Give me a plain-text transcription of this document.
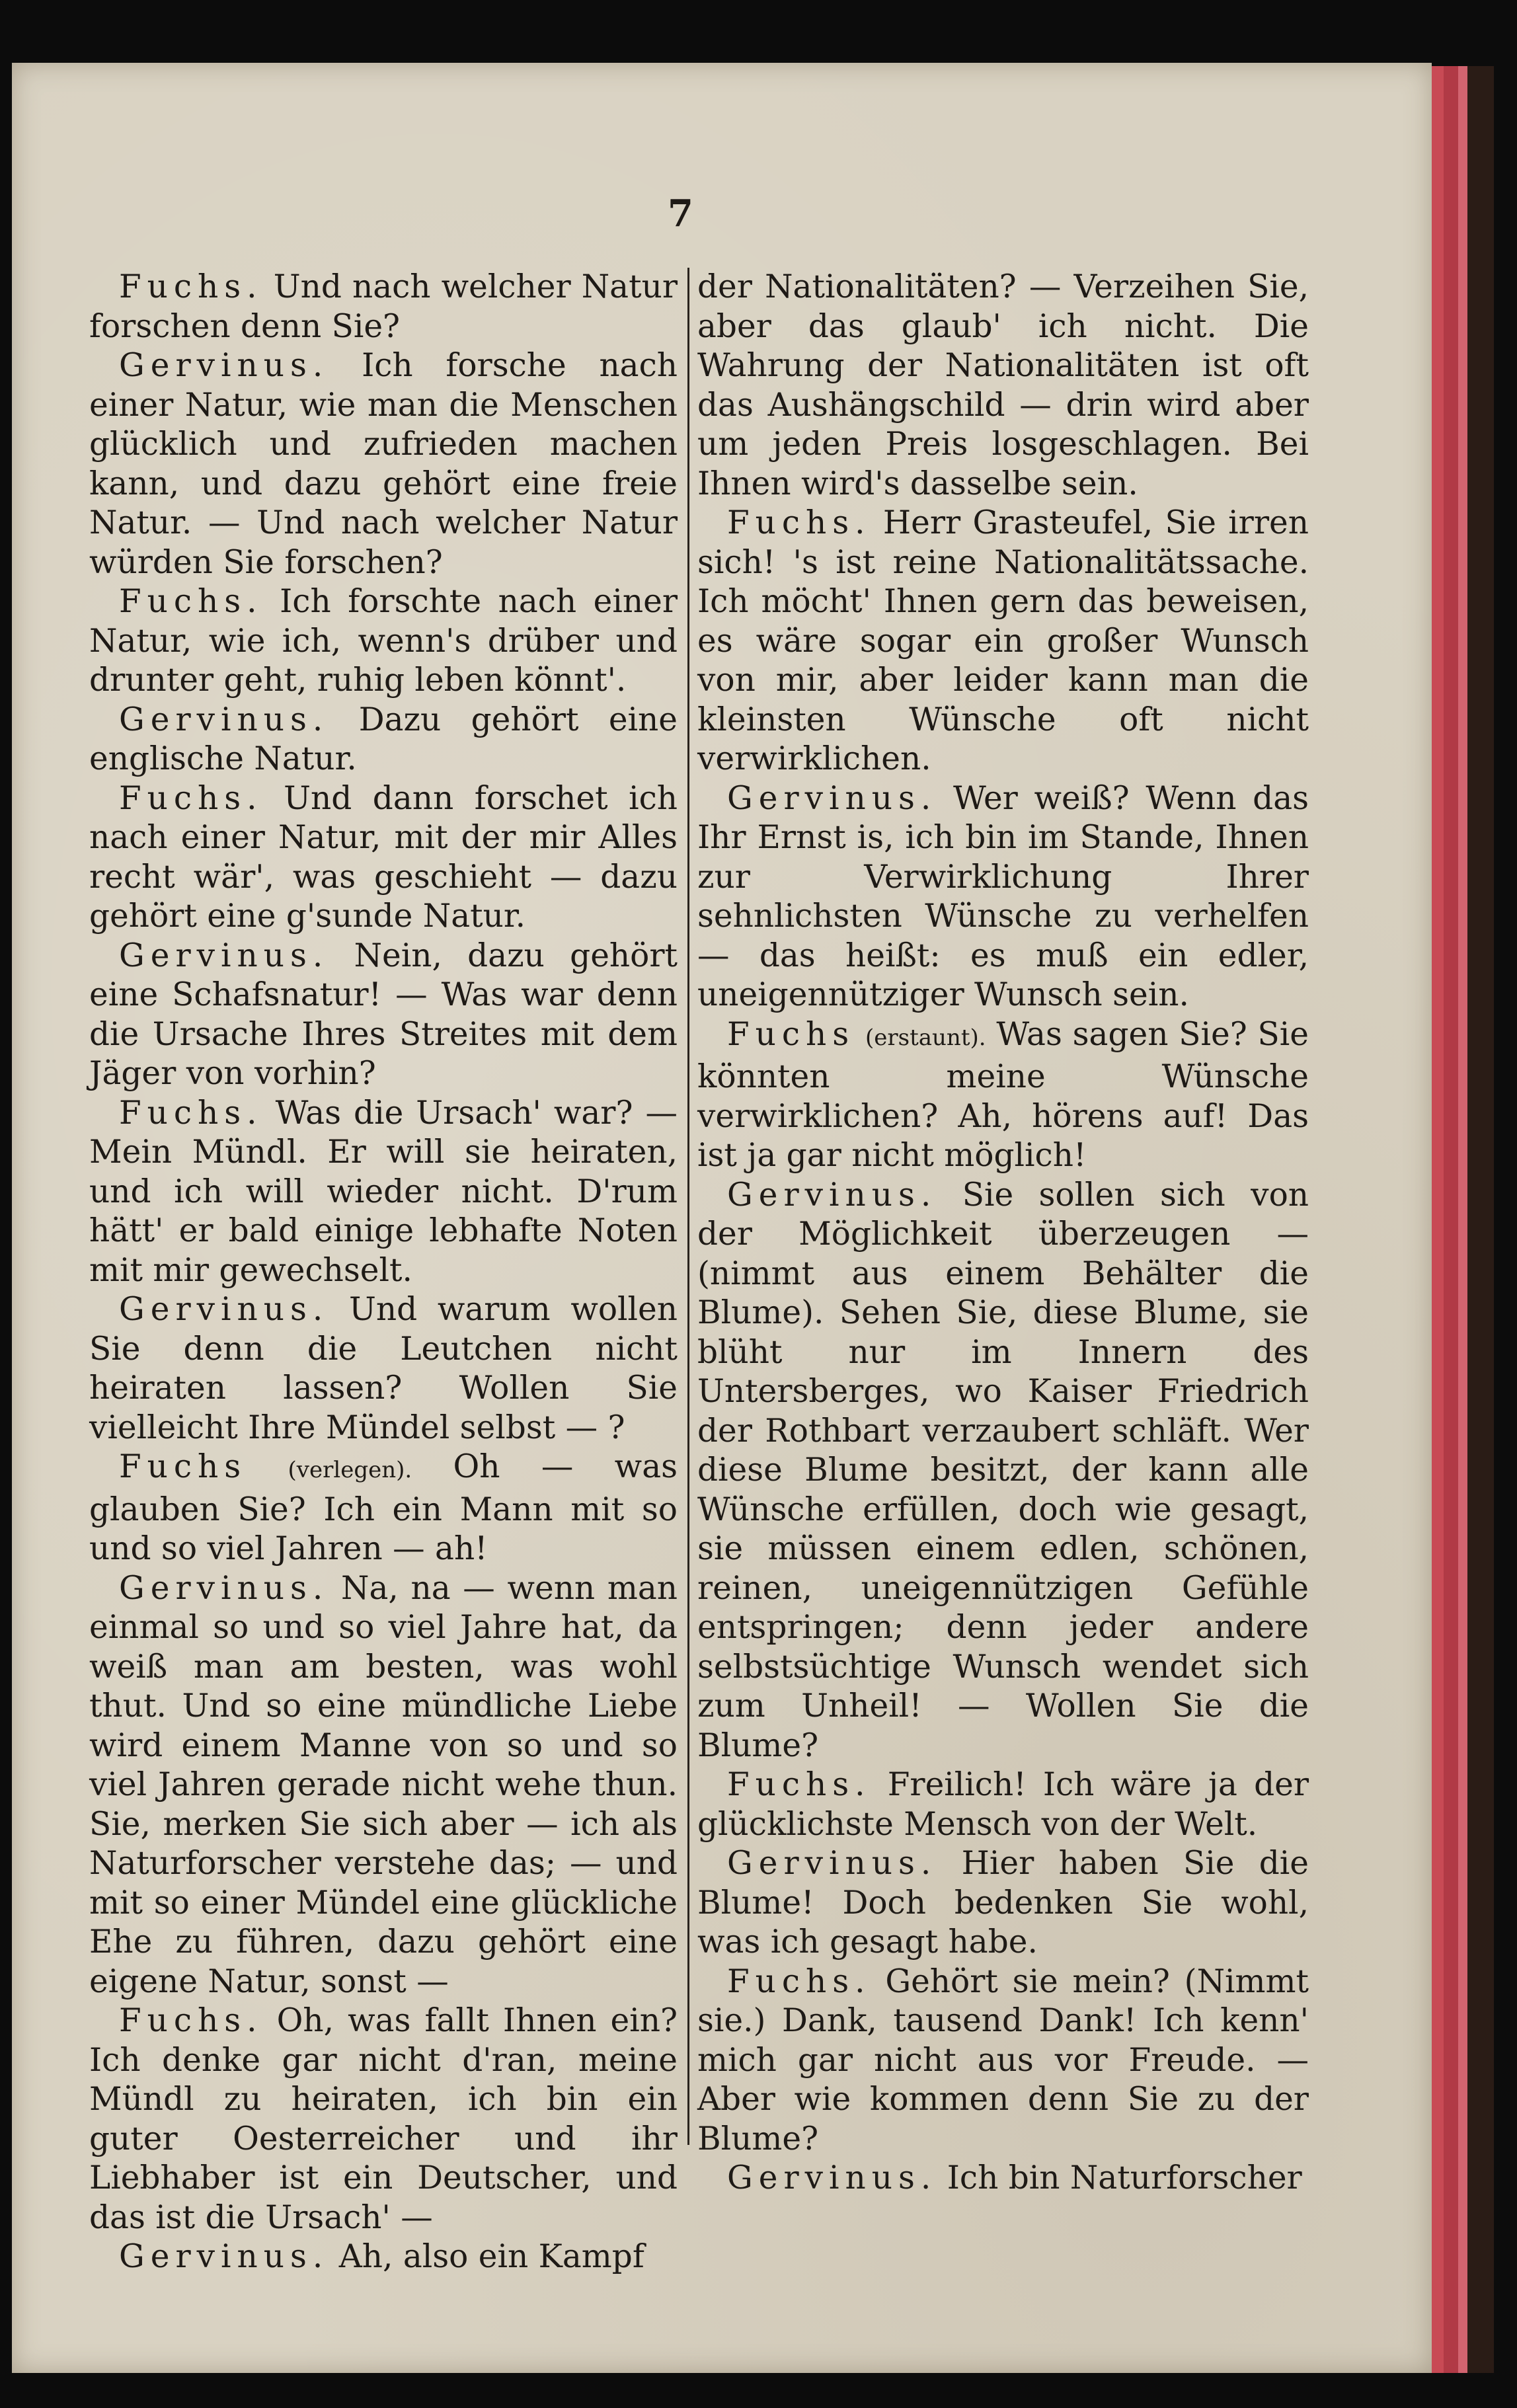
7

Fuchs. Und nach welcher Natur forschen denn Sie?

Gervinus. Ich forsche nach einer Natur, wie man die Menschen glücklich und zufrieden machen kann, und dazu gehört eine freie Natur. — Und nach welcher Natur würden Sie forschen?

Fuchs. Ich forschte nach einer Natur, wie ich, wenn's drüber und drunter geht, ruhig leben könnt'.

Gervinus. Dazu gehört eine englische Natur.

Fuchs. Und dann forschet ich nach einer Natur, mit der mir Alles recht wär', was geschieht — dazu gehört eine g'sunde Natur.

Gervinus. Nein, dazu gehört eine Schafsnatur! — Was war denn die Ursache Ihres Streites mit dem Jäger von vorhin?

Fuchs. Was die Ursach' war? — Mein Mündl. Er will sie heiraten, und ich will wieder nicht. D'rum hätt' er bald einige lebhafte Noten mit mir gewechselt.

Gervinus. Und warum wollen Sie denn die Leutchen nicht heiraten lassen? Wollen Sie vielleicht Ihre Mündel selbst — ?

Fuchs (verlegen). Oh — was glauben Sie? Ich ein Mann mit so und so viel Jahren — ah!

Gervinus. Na, na — wenn man einmal so und so viel Jahre hat, da weiß man am besten, was wohl thut. Und so eine mündliche Liebe wird einem Manne von so und so viel Jahren gerade nicht wehe thun. Sie, merken Sie sich aber — ich als Naturforscher verstehe das; — und mit so einer Mündel eine glückliche Ehe zu führen, dazu gehört eine eigene Natur, sonst —

Fuchs. Oh, was fallt Ihnen ein? Ich denke gar nicht d'ran, meine Mündl zu heiraten, ich bin ein guter Oesterreicher und ihr Liebhaber ist ein Deutscher, und das ist die Ursach' —

Gervinus. Ah, also ein Kampf

der Nationalitäten? — Verzeihen Sie, aber das glaub' ich nicht. Die Wahrung der Nationalitäten ist oft das Aushängschild — drin wird aber um jeden Preis losgeschlagen. Bei Ihnen wird's dasselbe sein.

Fuchs. Herr Grasteufel, Sie irren sich! 's ist reine Nationalitätssache. Ich möcht' Ihnen gern das beweisen, es wäre sogar ein großer Wunsch von mir, aber leider kann man die kleinsten Wünsche oft nicht verwirklichen.

Gervinus. Wer weiß? Wenn das Ihr Ernst is, ich bin im Stande, Ihnen zur Verwirklichung Ihrer sehnlichsten Wünsche zu verhelfen — das heißt: es muß ein edler, uneigennütziger Wunsch sein.

Fuchs (erstaunt). Was sagen Sie? Sie könnten meine Wünsche verwirklichen? Ah, hörens auf! Das ist ja gar nicht möglich!

Gervinus. Sie sollen sich von der Möglichkeit überzeugen — (nimmt aus einem Behälter die Blume). Sehen Sie, diese Blume, sie blüht nur im Innern des Untersberges, wo Kaiser Friedrich der Rothbart verzaubert schläft. Wer diese Blume besitzt, der kann alle Wünsche erfüllen, doch wie gesagt, sie müssen einem edlen, schönen, reinen, uneigennützigen Gefühle entspringen; denn jeder andere selbstsüchtige Wunsch wendet sich zum Unheil! — Wollen Sie die Blume?

Fuchs. Freilich! Ich wäre ja der glücklichste Mensch von der Welt.

Gervinus. Hier haben Sie die Blume! Doch bedenken Sie wohl, was ich gesagt habe.

Fuchs. Gehört sie mein? (Nimmt sie.) Dank, tausend Dank! Ich kenn' mich gar nicht aus vor Freude. — Aber wie kommen denn Sie zu der Blume?

Gervinus. Ich bin Naturforscher
